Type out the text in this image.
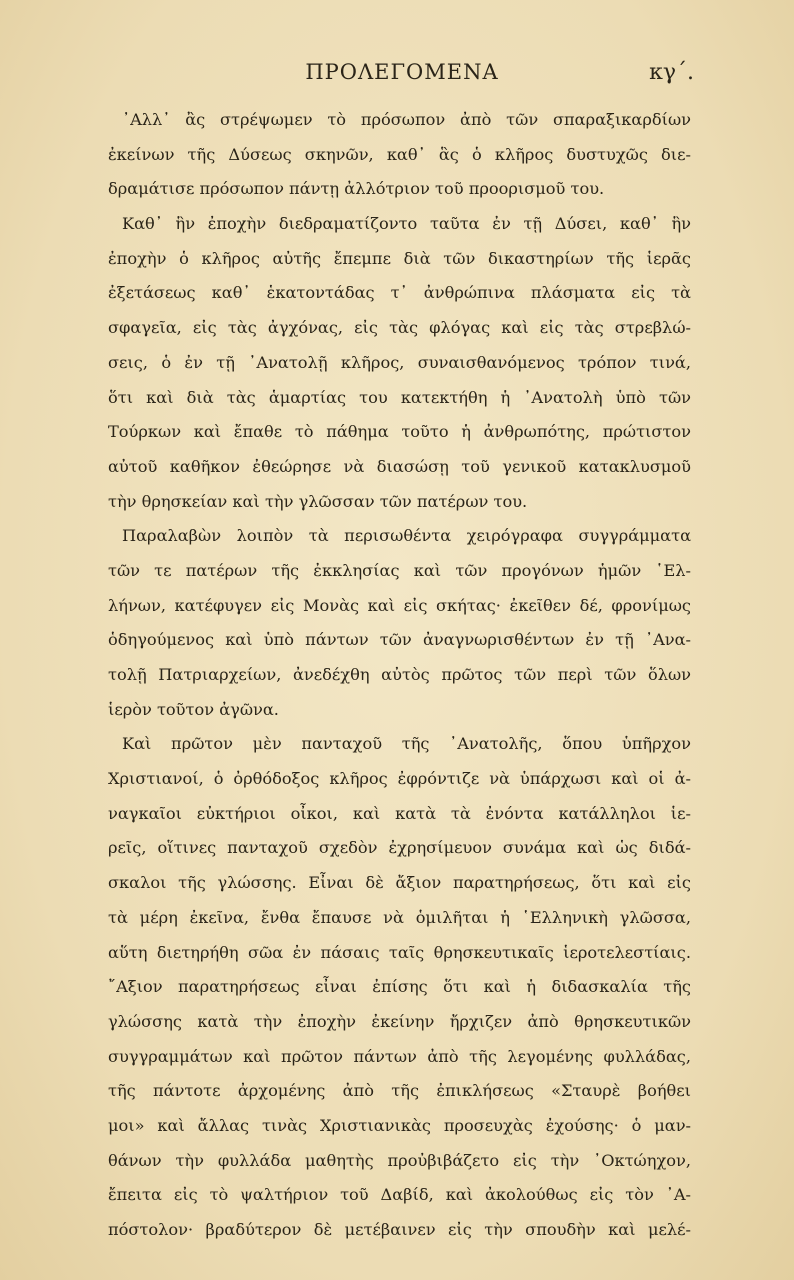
ΠΡΟΛΕΓΟΜΕΝΑ	κγ΄.
᾿Αλλ᾿ ἂς στρέψωμεν τὸ πρόσωπον ἀπὸ τῶν σπαραξικαρδίων
ἐκείνων τῆς Δύσεως σκηνῶν, καθ᾿ ἃς ὁ κλῆρος δυστυχῶς διε-
δραμάτισε πρόσωπον πάντῃ ἀλλότριον τοῦ προορισμοῦ του.
Καθ᾿ ἣν ἐποχὴν διεδραματίζοντο ταῦτα ἐν τῇ Δύσει, καθ᾿ ἣν
ἐποχὴν ὁ κλῆρος αὐτῆς ἔπεμπε διὰ τῶν δικαστηρίων τῆς ἱερᾶς
ἐξετάσεως καθ᾿ ἑκατοντάδας τ᾿ ἀνθρώπινα πλάσματα εἰς τὰ
σφαγεῖα, εἰς τὰς ἀγχόνας, εἰς τὰς φλόγας καὶ εἰς τὰς στρεβλώ-
σεις, ὁ ἐν τῇ ᾿Ανατολῇ κλῆρος, συναισθανόμενος τρόπον τινά,
ὅτι καὶ διὰ τὰς ἁμαρτίας του κατεκτήθη ἡ ᾿Ανατολὴ ὑπὸ τῶν
Τούρκων καὶ ἔπαθε τὸ πάθημα τοῦτο ἡ ἀνθρωπότης, πρώτιστον
αὐτοῦ καθῆκον ἐθεώρησε νὰ διασώσῃ τοῦ γενικοῦ κατακλυσμοῦ
τὴν θρησκείαν καὶ τὴν γλῶσσαν τῶν πατέρων του.
Παραλαβὼν λοιπὸν τὰ περισωθέντα χειρόγραφα συγγράμματα
τῶν τε πατέρων τῆς ἐκκλησίας καὶ τῶν προγόνων ἡμῶν ῾Ελ-
λήνων, κατέφυγεν εἰς Μονὰς καὶ εἰς σκήτας· ἐκεῖθεν δέ, φρονίμως
ὁδηγούμενος καὶ ὑπὸ πάντων τῶν ἀναγνωρισθέντων ἐν τῇ ᾿Ανα-
τολῇ Πατριαρχείων, ἀνεδέχθη αὐτὸς πρῶτος τῶν περὶ τῶν ὅλων
ἱερὸν τοῦτον ἀγῶνα.
Καὶ πρῶτον μὲν πανταχοῦ τῆς ᾿Ανατολῆς, ὅπου ὑπῆρχον
Χριστιανοί, ὁ ὀρθόδοξος κλῆρος ἐφρόντιζε νὰ ὑπάρχωσι καὶ οἱ ἀ-
ναγκαῖοι εὐκτήριοι οἶκοι, καὶ κατὰ τὰ ἐνόντα κατάλληλοι ἱε-
ρεῖς, οἵτινες πανταχοῦ σχεδὸν ἐχρησίμευον συνάμα καὶ ὡς διδά-
σκαλοι τῆς γλώσσης. Εἶναι δὲ ἄξιον παρατηρήσεως, ὅτι καὶ εἰς
τὰ μέρη ἐκεῖνα, ἔνθα ἔπαυσε νὰ ὁμιλῆται ἡ ῾Ελληνικὴ γλῶσσα,
αὕτη διετηρήθη σῶα ἐν πάσαις ταῖς θρησκευτικαῖς ἱεροτελεστίαις.
῎Αξιον παρατηρήσεως εἶναι ἐπίσης ὅτι καὶ ἡ διδασκαλία τῆς
γλώσσης κατὰ τὴν ἐποχὴν ἐκείνην ἤρχιζεν ἀπὸ θρησκευτικῶν
συγγραμμάτων καὶ πρῶτον πάντων ἀπὸ τῆς λεγομένης φυλλάδας,
τῆς πάντοτε ἀρχομένης ἀπὸ τῆς ἐπικλήσεως «Σταυρὲ βοήθει
μοι» καὶ ἄλλας τινὰς Χριστιανικὰς προσευχὰς ἐχούσης· ὁ μαν-
θάνων τὴν φυλλάδα μαθητὴς προὐβιβάζετο εἰς τὴν ᾿Οκτώηχον,
ἔπειτα εἰς τὸ ψαλτήριον τοῦ Δαβίδ, καὶ ἀκολούθως εἰς τὸν ᾿Α-
πόστολον· βραδύτερον δὲ μετέβαινεν εἰς τὴν σπουδὴν καὶ μελέ-
